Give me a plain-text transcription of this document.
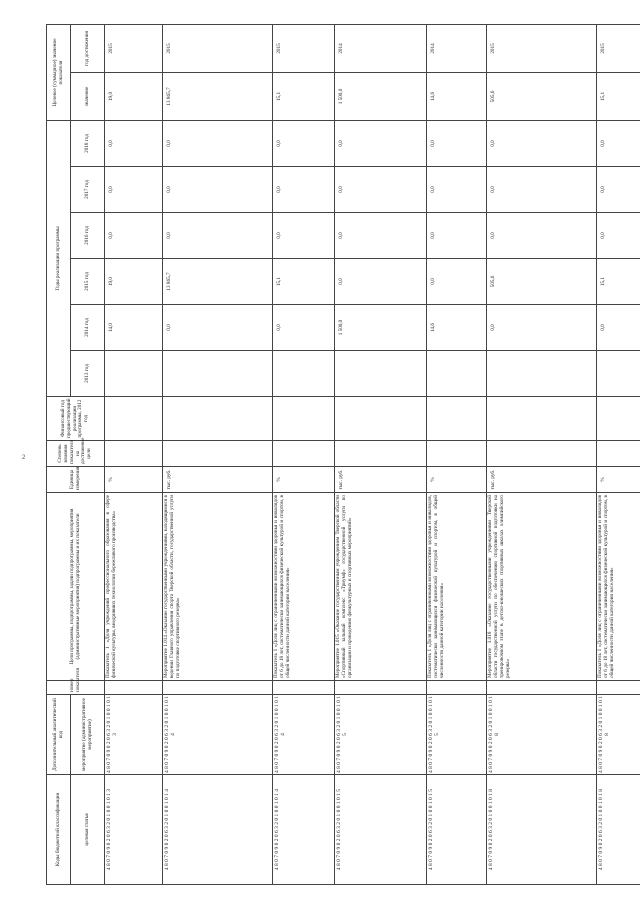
2
Коды бюджетной классификации	Дополнительный аналитический код	номер показателя	Цели программы, подпрограммы, задачи подпрограммы, мероприятия (административные мероприятия) подпрограммы и их показатели	Единица измерения	Степень влияния показателя на достижение цели	Финансовый год предшествующий реализации программы, 2012 год	Годы реализации программы						Целевое (суммарное) значение показателя	
целевая статья	мероприятие (административное мероприятие)						2013 год	2014 год	2015 год	2016 год	2017 год	2018 год	значение	год достижения
4 8 0 7 0 9 0 2 0 6 3 2 0 1 0 0 1 0 1 3	4 8 0 7 0 9 0 2 0 6 3 2 0 1 0 0 1 0 1 3		Показатель 1 «Доля учреждений профессионального образования в сфере физической культуры, внедривших технологии бережливого производства»	%				14,0	19,0	0,0	0,0	0,0	19,0	2015
4 8 0 7 0 9 0 2 0 6 3 2 0 1 0 0 1 0 1 4	4 8 0 7 0 9 0 2 0 6 3 2 0 1 0 0 1 0 1 4		Мероприятие 1.014 «Оказание государственными учреждениями, находящимися в ведении Главного управления спорта Тверской области, государственной услуги по подготовке спортивного резерва»	тыс. руб.				0,0	13 865,7	0,0	0,0	0,0	13 865,7	2015
4 8 0 7 0 9 0 2 0 6 3 2 0 1 0 0 1 0 1 4	4 8 0 7 0 9 0 2 0 6 3 2 0 1 0 0 1 0 1 4		Показатель 1 «Доля лиц с ограниченными возможностями здоровья и инвалидов от 6 до 18 лет, систематически занимающихся физической культурой и спортом, в общей численности данной категории населения»	%				0,0	15,1	0,0	0,0	0,0	15,1	2015
4 8 0 7 0 9 0 2 0 6 3 2 0 1 0 0 1 0 1 5	4 8 0 7 0 9 0 2 0 6 3 2 0 1 0 0 1 0 1 5		Мероприятие 1.015 «Оказание государственным учреждением Тверской области «Спортивный зальный комплекс «Триумф» государственной услуги по организации и проведению физкультурных и спортивных мероприятий»	тыс. руб.				1 500,0	0,0	0,0	0,0	0,0	1 500,0	2014
4 8 0 7 0 9 0 2 0 6 3 2 0 1 0 0 1 0 1 5	4 8 0 7 0 9 0 2 0 6 3 2 0 1 0 0 1 0 1 5		Показатель 1 «Доля лиц с ограниченными возможностями здоровья и инвалидов, систематически занимающихся физической культурой и спортом, в общей численности данной категории населения»	%				14,6	0,0	0,0	0,0	0,0	14,6	2014
4 8 0 7 0 9 0 2 0 6 3 2 0 1 0 0 1 0 1 8	4 8 0 7 0 9 0 2 0 6 3 2 0 1 0 0 1 0 1 8		Мероприятие 1.018 «Оказание государственными учреждениями Тверской области государственной услуги по обеспечению спортивной подготовки на тренировочном этапе в детско-юношеских спортивных школах олимпийского резерва»	тыс. руб.				0,0	505,6	0,0	0,0	0,0	505,6	2015
4 8 0 7 0 9 0 2 0 6 3 2 0 1 0 0 1 0 1 8	4 8 0 7 0 9 0 2 0 6 3 2 0 1 0 0 1 0 1 8		Показатель 1 «Доля лиц с ограниченными возможностями здоровья и инвалидов от 6 до 18 лет, систематически занимающихся физической культурой и спортом, в общей численности данной категории населения»	%				0,0	15,1	0,0	0,0	0,0	15,1	2015
